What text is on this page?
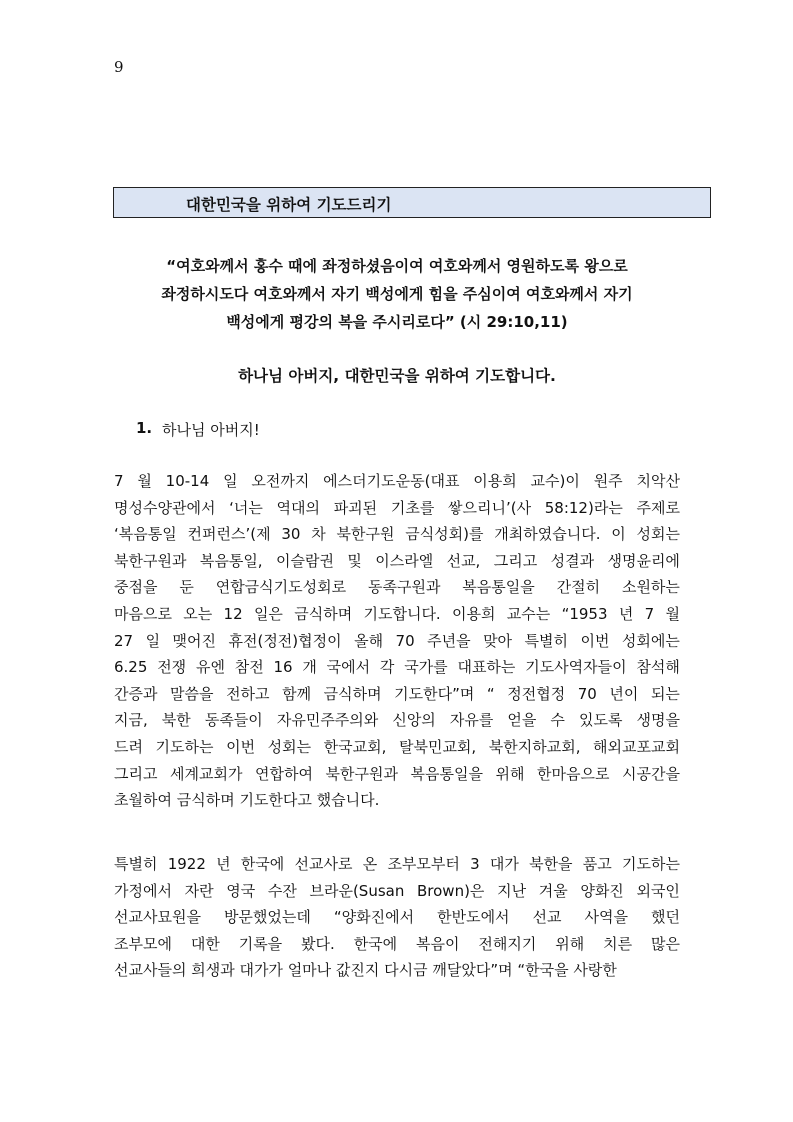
9
대한민국을 위하여 기도드리기
“여호와께서 홍수 때에 좌정하셨음이여 여호와께서 영원하도록 왕으로
좌정하시도다 여호와께서 자기 백성에게 힘을 주심이여 여호와께서 자기
백성에게 평강의 복을 주시리로다” (시 29:10,11)
하나님 아버지, 대한민국을 위하여 기도합니다.
1. 하나님 아버지!
7 월 10-14 일 오전까지 에스더기도운동(대표 이용희 교수)이 원주 치악산
명성수양관에서 ‘너는 역대의 파괴된 기초를 쌓으리니’(사 58:12)라는 주제로
‘복음통일 컨퍼런스’(제 30 차 북한구원 금식성회)를 개최하였습니다. 이 성회는
북한구원과 복음통일, 이슬람권 및 이스라엘 선교, 그리고 성결과 생명윤리에
중점을 둔 연합금식기도성회로 동족구원과 복음통일을 간절히 소원하는
마음으로 오는 12 일은 금식하며 기도합니다. 이용희 교수는 “1953 년 7 월
27 일 맺어진 휴전(정전)협정이 올해 70 주년을 맞아 특별히 이번 성회에는
6.25 전쟁 유엔 참전 16 개 국에서 각 국가를 대표하는 기도사역자들이 참석해
간증과 말씀을 전하고 함께 금식하며 기도한다”며 “ 정전협정 70 년이 되는
지금, 북한 동족들이 자유민주주의와 신앙의 자유를 얻을 수 있도록 생명을
드려 기도하는 이번 성회는 한국교회, 탈북민교회, 북한지하교회, 해외교포교회
그리고 세계교회가 연합하여 북한구원과 복음통일을 위해 한마음으로 시공간을
초월하여 금식하며 기도한다고 했습니다.
특별히 1922 년 한국에 선교사로 온 조부모부터 3 대가 북한을 품고 기도하는
가정에서 자란 영국 수잔 브라운(Susan Brown)은 지난 겨울 양화진 외국인
선교사묘원을 방문했었는데 “양화진에서 한반도에서 선교 사역을 했던
조부모에 대한 기록을 봤다. 한국에 복음이 전해지기 위해 치른 많은
선교사들의 희생과 대가가 얼마나 값진지 다시금 깨달았다”며 “한국을 사랑한
